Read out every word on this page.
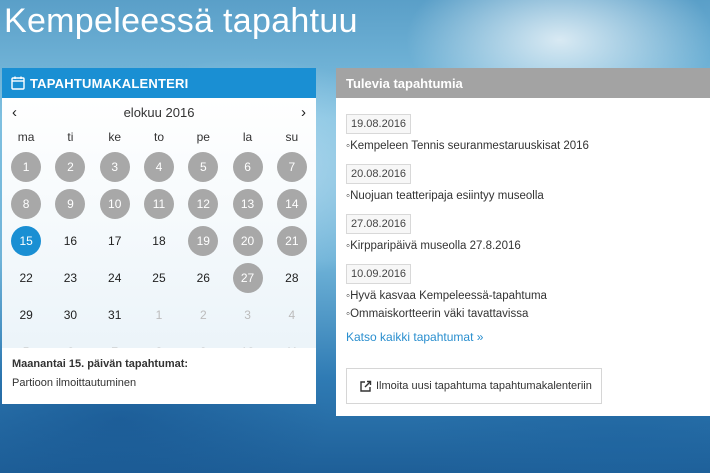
Kempeleessä tapahtuu
TAPAHTUMAKALENTERI
‹	elokuu 2016	›
ma	ti	ke	to	pe	la	su
1	2	3	4	5	6	7
8	9	10	11	12	13	14
15	16	17	18	19	20	21
22	23	24	25	26	27	28
29	30	31	1	2	3	4
Maanantai 15. päivän tapahtumat:
Partioon ilmoittautuminen
Tulevia tapahtumia
19.08.2016
◦Kempeleen Tennis seuranmestaruuskisat 2016
20.08.2016
◦Nuojuan teatteripaja esiintyy museolla
27.08.2016
◦Kirpparipäivä museolla 27.8.2016
10.09.2016
◦Hyvä kasvaa Kempeleessä-tapahtuma
◦Ommaiskortteerin väki tavattavissa
Katso kaikki tapahtumat »
Ilmoita uusi tapahtuma tapahtumakalenteriin
